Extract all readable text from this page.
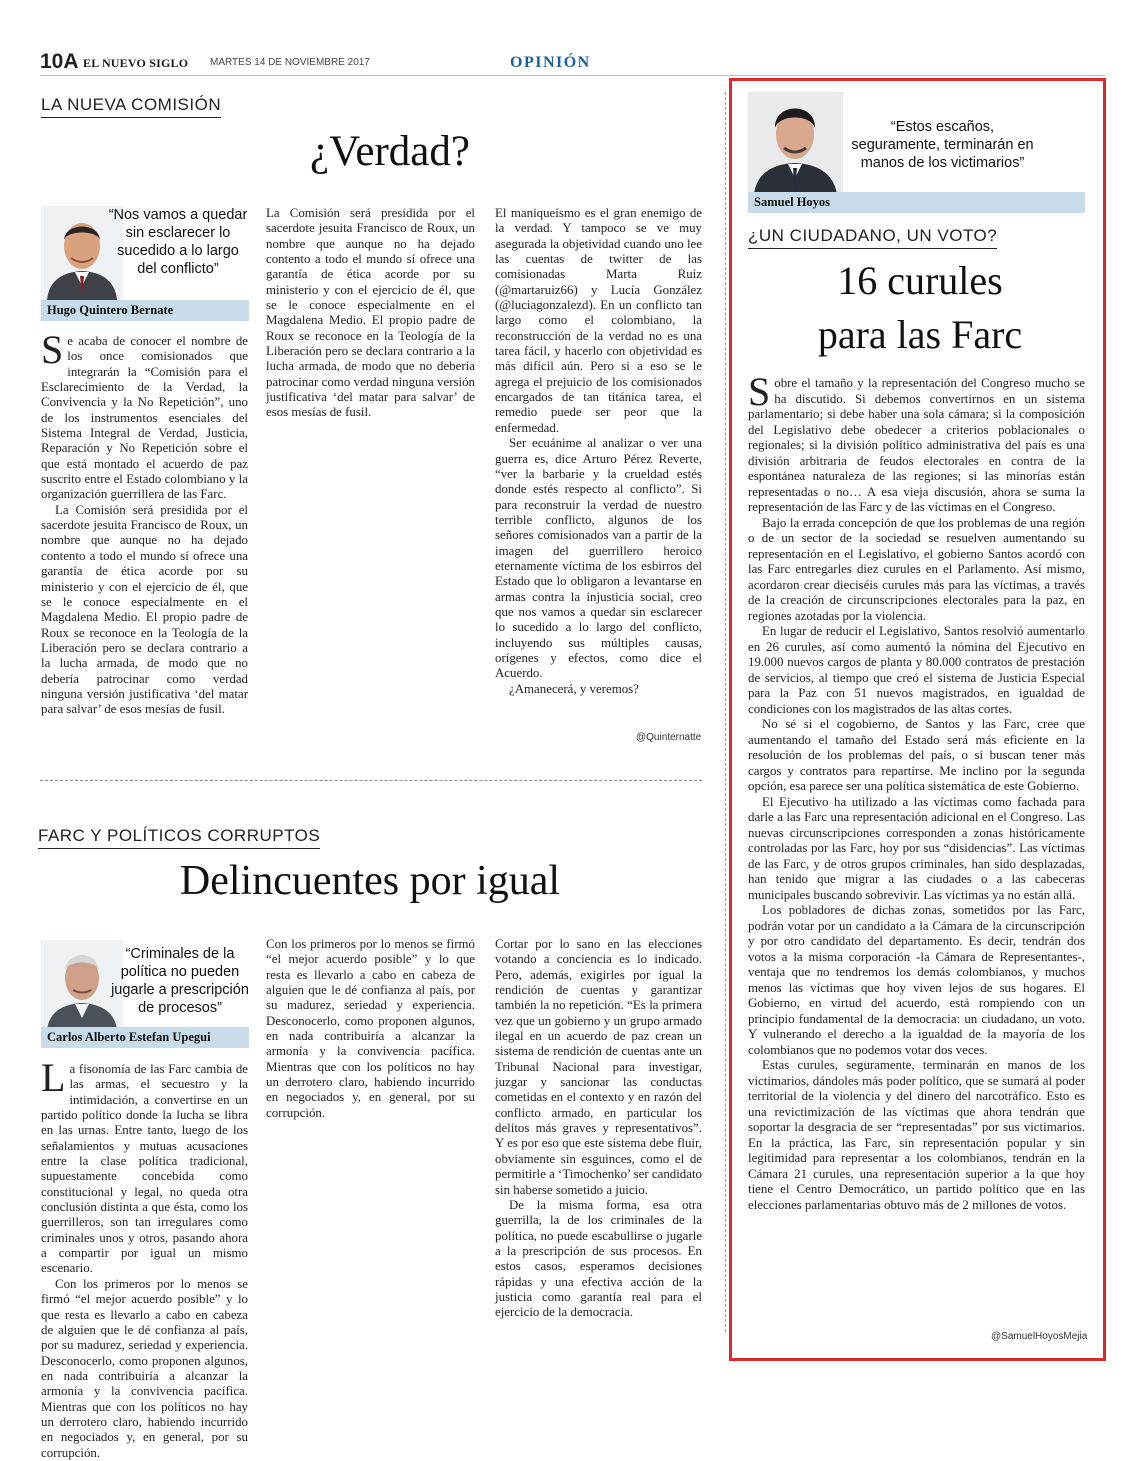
10A EL NUEVO SIGLO MARTES 14 DE NOVIEMBRE 2017	OPINIÓN
LA NUEVA COMISIÓN
¿Verdad?
“Nos vamos a quedar sin esclarecer lo sucedido a lo largo del conflicto”
Hugo Quintero Bernate

Se acaba de conocer el nombre de los once comisionados que integrarán la “Comisión para el Esclarecimiento de la Verdad, la Convivencia y la No Repetición”, uno de los instrumentos esenciales del Sistema Integral de Verdad, Justicia, Reparación y No Repetición sobre el que está montado el acuerdo de paz suscrito entre el Estado colombiano y la organización guerrillera de las Farc.

La Comisión será presidida por el sacerdote jesuita Francisco de Roux, un nombre que aunque no ha dejado contento a todo el mundo sí ofrece una garantía de ética acorde por su ministerio y con el ejercicio de él, que se le conoce especialmente en el Magdalena Medio. El propio padre de Roux se reconoce en la Teología de la Liberación pero se declara contrario a la lucha armada, de modo que no debería patrocinar como verdad ninguna versión justificativa ‘del matar para salvar’ de esos mesías de fusil.

La Comisión será presidida por el sacerdote jesuita Francisco de Roux, un nombre que aunque no ha dejado contento a todo el mundo sí ofrece una garantía de ética acorde por su ministerio y con el ejercicio de él, que se le conoce especialmente en el Magdalena Medio. El propio padre de Roux se reconoce en la Teología de la Liberación pero se declara contrario a la lucha armada, de modo que no debería patrocinar como verdad ninguna versión justificativa ‘del matar para salvar’ de esos mesías de fusil.

El maniqueísmo es el gran enemigo de la verdad. Y tampoco se ve muy asegurada la objetividad cuando uno lee las cuentas de twitter de las comisionadas Marta Ruiz (@martaruiz66) y Lucía González (@luciagonzalezd). En un conflicto tan largo como el colombiano, la reconstrucción de la verdad no es una tarea fácil, y hacerlo con objetividad es más difícil aún. Pero si a eso se le agrega el prejuicio de los comisionados encargados de tan titánica tarea, el remedio puede ser peor que la enfermedad.

Ser ecuánime al analizar o ver una guerra es, dice Arturo Pérez Reverte, “ver la barbarie y la crueldad estés donde estés respecto al conflicto”. Si para reconstruir la verdad de nuestro terrible conflicto, algunos de los señores comisionados van a partir de la imagen del guerrillero heroico eternamente víctima de los esbirros del Estado que lo obligaron a levantarse en armas contra la injusticia social, creo que nos vamos a quedar sin esclarecer lo sucedido a lo largo del conflicto, incluyendo sus múltiples causas, orígenes y efectos, como dice el Acuerdo.

¿Amanecerá, y veremos?

@Quinternatte
FARC Y POLÍTICOS CORRUPTOS
Delincuentes por igual
“Criminales de la política no pueden jugarle a prescripción de procesos”
Carlos Alberto Estefan Upegui

La fisonomía de las Farc cambia de las armas, el secuestro y la intimidación, a convertirse en un partido político donde la lucha se libra en las urnas. Entre tanto, luego de los señalamientos y mutuas acusaciones entre la clase política tradicional, supuestamente concebida como constitucional y legal, no queda otra conclusión distinta a que ésta, como los guerrilleros, son tan irregulares como criminales unos y otros, pasando ahora a compartir por igual un mismo escenario.

Con los primeros por lo menos se firmó “el mejor acuerdo posible” y lo que resta es llevarlo a cabo en cabeza de alguien que le dé confianza al país, por su madurez, seriedad y experiencia. Desconocerlo, como proponen algunos, en nada contribuiría a alcanzar la armonía y la convivencia pacífica. Mientras que con los políticos no hay un derrotero claro, habiendo incurrido en negociados y, en general, por su corrupción.

Con los primeros por lo menos se firmó “el mejor acuerdo posible” y lo que resta es llevarlo a cabo en cabeza de alguien que le dé confianza al país, por su madurez, seriedad y experiencia. Desconocerlo, como proponen algunos, en nada contribuiría a alcanzar la armonía y la convivencia pacífica. Mientras que con los políticos no hay un derrotero claro, habiendo incurrido en negociados y, en general, por su corrupción.

Cortar por lo sano en las elecciones votando a conciencia es lo indicado. Pero, además, exigirles por igual la rendición de cuentas y garantizar también la no repetición. “Es la primera vez que un gobierno y un grupo armado ilegal en un acuerdo de paz crean un sistema de rendición de cuentas ante un Tribunal Nacional para investigar, juzgar y sancionar las conductas cometidas en el contexto y en razón del conflicto armado, en particular los delitos más graves y representativos”. Y es por eso que este sistema debe fluir, obviamente sin esguinces, como el de permitirle a ‘Timochenko’ ser candidato sin haberse sometido a juicio.

De la misma forma, esa otra guerrilla, la de los criminales de la política, no puede escabullirse o jugarle a la prescripción de sus procesos. En estos casos, esperamos decisiones rápidas y una efectiva acción de la justicia como garantía real para el ejercicio de la democracia.

“Estos escaños, seguramente, terminarán en manos de los victimarios”
Samuel Hoyos
¿UN CIUDADANO, UN VOTO?
16 curules
para las Farc

Sobre el tamaño y la representación del Congreso mucho se ha discutido. Si debemos convertirnos en un sistema parlamentario; si debe haber una sola cámara; si la composición del Legislativo debe obedecer a criterios poblacionales o regionales; si la división político administrativa del país es una división arbitraria de feudos electorales en contra de la espontánea naturaleza de las regiones; si las minorías están representadas o no… A esa vieja discusión, ahora se suma la representación de las Farc y de las víctimas en el Congreso.

Bajo la errada concepción de que los problemas de una región o de un sector de la sociedad se resuelven aumentando su representación en el Legislativo, el gobierno Santos acordó con las Farc entregarles diez curules en el Parlamento. Así mismo, acordaron crear dieciséis curules más para las víctimas, a través de la creación de circunscripciones electorales para la paz, en regiones azotadas por la violencia.

En lugar de reducir el Legislativo, Santos resolvió aumentarlo en 26 curules, así como aumentó la nómina del Ejecutivo en 19.000 nuevos cargos de planta y 80.000 contratos de prestación de servicios, al tiempo que creó el sistema de Justicia Especial para la Paz con 51 nuevos magistrados, en igualdad de condiciones con los magistrados de las altas cortes.

No sé si el cogobierno, de Santos y las Farc, cree que aumentando el tamaño del Estado será más eficiente en la resolución de los problemas del país, o si buscan tener más cargos y contratos para repartirse. Me inclino por la segunda opción, esa parece ser una política sistemática de este Gobierno.

El Ejecutivo ha utilizado a las víctimas como fachada para darle a las Farc una representación adicional en el Congreso. Las nuevas circunscripciones corresponden a zonas históricamente controladas por las Farc, hoy por sus “disidencias”. Las víctimas de las Farc, y de otros grupos criminales, han sido desplazadas, han tenido que migrar a las ciudades o a las cabeceras municipales buscando sobrevivir. Las víctimas ya no están allá.

Los pobladores de dichas zonas, sometidos por las Farc, podrán votar por un candidato a la Cámara de la circunscripción y por otro candidato del departamento. Es decir, tendrán dos votos a la misma corporación -la Cámara de Representantes-, ventaja que no tendremos los demás colombianos, y muchos menos las víctimas que hoy viven lejos de sus hogares. El Gobierno, en virtud del acuerdo, está rompiendo con un principio fundamental de la democracia: un ciudadano, un voto. Y vulnerando el derecho a la igualdad de la mayoría de los colombianos que no podemos votar dos veces.

Estas curules, seguramente, terminarán en manos de los victimarios, dándoles más poder político, que se sumará al poder territorial de la violencia y del dinero del narcotráfico. Esto es una revictimización de las víctimas que ahora tendrán que soportar la desgracia de ser “representadas” por sus victimarios. En la práctica, las Farc, sin representación popular y sin legitimidad para representar a los colombianos, tendrán en la Cámara 21 curules, una representación superior a la que hoy tiene el Centro Democrático, un partido político que en las elecciones parlamentarias obtuvo más de 2 millones de votos.

@SamuelHoyosMejia
